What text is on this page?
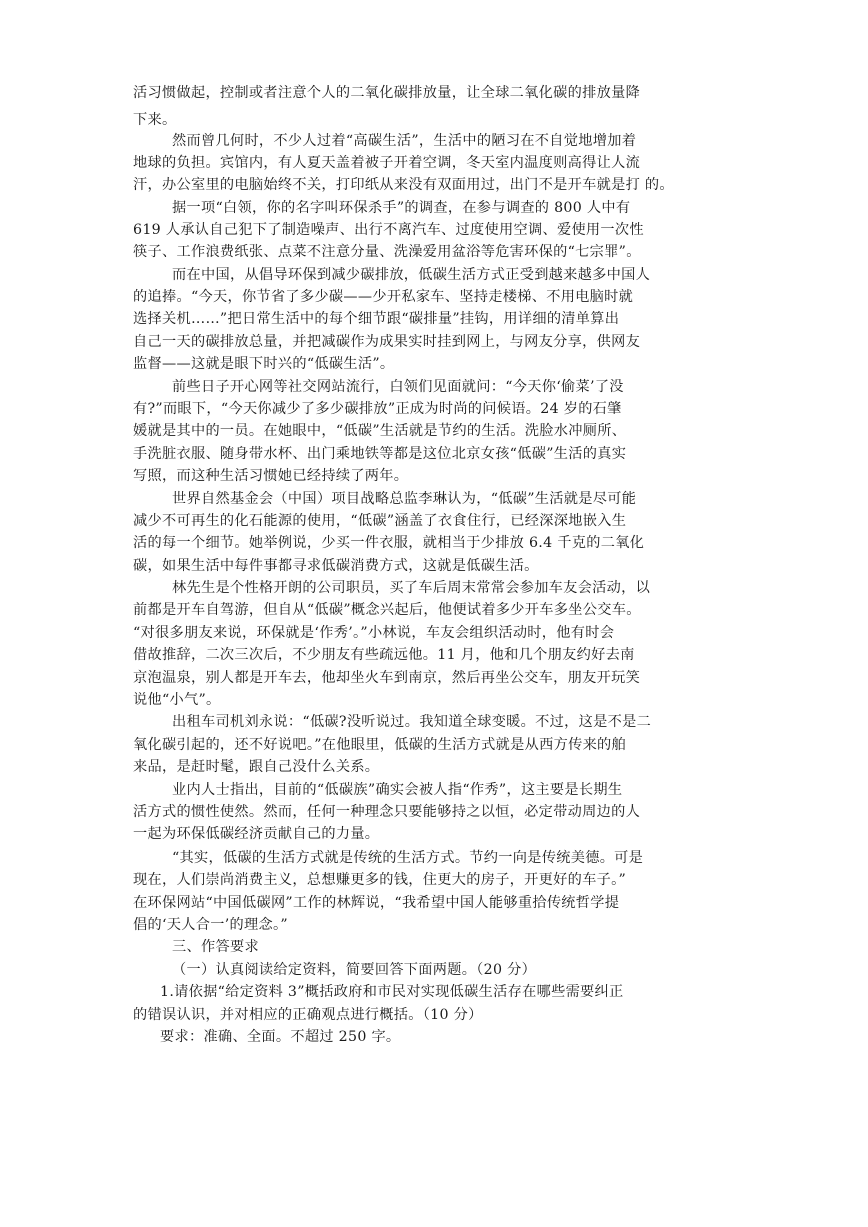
活习惯做起，控制或者注意个人的二氧化碳排放量，让全球二氧化碳的排放量降
下来。
然而曾几何时，不少人过着“高碳生活”，生活中的陋习在不自觉地增加着
地球的负担。宾馆内，有人夏天盖着被子开着空调，冬天室内温度则高得让人流
汗，办公室里的电脑始终不关，打印纸从来没有双面用过，出门不是开车就是打 的。
据一项“白领，你的名字叫环保杀手”的调查，在参与调查的 800 人中有
619 人承认自己犯下了制造噪声、出行不离汽车、过度使用空调、爱使用一次性
筷子、工作浪费纸张、点菜不注意分量、洗澡爱用盆浴等危害环保的“七宗罪”。
而在中国，从倡导环保到减少碳排放，低碳生活方式正受到越来越多中国人
的追捧。“今天，你节省了多少碳——少开私家车、坚持走楼梯、不用电脑时就
选择关机……”把日常生活中的每个细节跟“碳排量”挂钩，用详细的清单算出
自己一天的碳排放总量，并把减碳作为成果实时挂到网上，与网友分享，供网友
监督——这就是眼下时兴的“低碳生活”。
前些日子开心网等社交网站流行，白领们见面就问：“今天你‘偷菜’了没
有?”而眼下，“今天你减少了多少碳排放”正成为时尚的问候语。24 岁的石肇
媛就是其中的一员。在她眼中，“低碳”生活就是节约的生活。洗脸水冲厕所、
手洗脏衣服、随身带水杯、出门乘地铁等都是这位北京女孩“低碳”生活的真实
写照，而这种生活习惯她已经持续了两年。
世界自然基金会（中国）项目战略总监李琳认为，“低碳”生活就是尽可能
减少不可再生的化石能源的使用，“低碳”涵盖了衣食住行，已经深深地嵌入生
活的每一个细节。她举例说，少买一件衣服，就相当于少排放 6.4 千克的二氧化
碳，如果生活中每件事都寻求低碳消费方式，这就是低碳生活。
林先生是个性格开朗的公司职员，买了车后周末常常会参加车友会活动，以
前都是开车自驾游，但自从“低碳”概念兴起后，他便试着多少开车多坐公交车。
“对很多朋友来说，环保就是‘作秀’。”小林说，车友会组织活动时，他有时会
借故推辞，二次三次后，不少朋友有些疏远他。11 月，他和几个朋友约好去南
京泡温泉，别人都是开车去，他却坐火车到南京，然后再坐公交车，朋友开玩笑
说他“小气”。
出租车司机刘永说：“低碳?没听说过。我知道全球变暖。不过，这是不是二
氧化碳引起的，还不好说吧。”在他眼里，低碳的生活方式就是从西方传来的舶
来品，是赶时髦，跟自己没什么关系。
业内人士指出，目前的“低碳族”确实会被人指“作秀”，这主要是长期生
活方式的惯性使然。然而，任何一种理念只要能够持之以恒，必定带动周边的人
一起为环保低碳经济贡献自己的力量。
“其实，低碳的生活方式就是传统的生活方式。节约一向是传统美德。可是
现在，人们崇尚消费主义，总想赚更多的钱，住更大的房子，开更好的车子。”
在环保网站“中国低碳网”工作的林辉说，“我希望中国人能够重拾传统哲学提
倡的‘天人合一’的理念。”
三、作答要求
（一）认真阅读给定资料，简要回答下面两题。（20 分）
1.请依据“给定资料 3”概括政府和市民对实现低碳生活存在哪些需要纠正
的错误认识，并对相应的正确观点进行概括。（10 分）
要求：准确、全面。不超过 250 字。
